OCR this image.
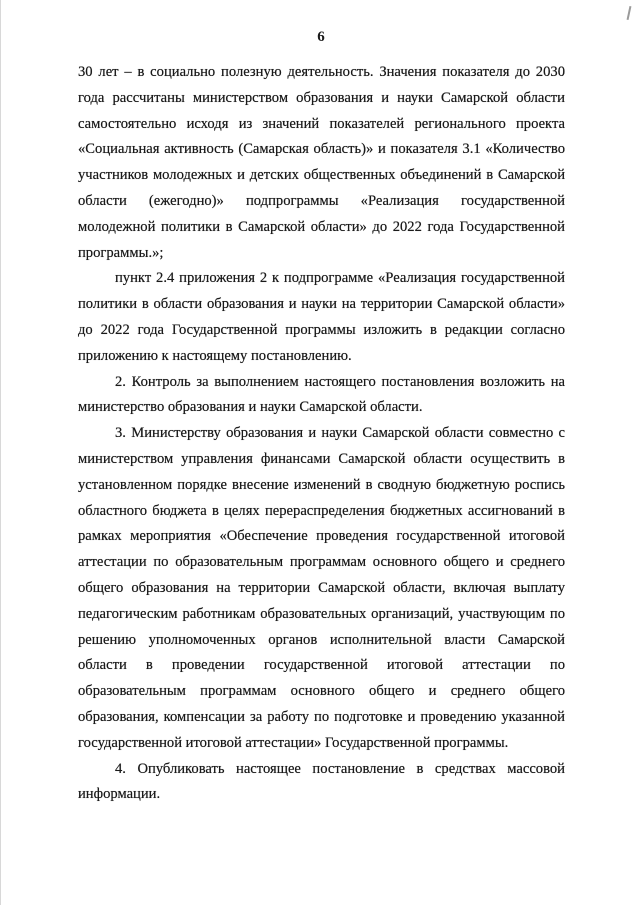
6

30 лет – в социально полезную деятельность. Значения показателя до 2030 года рассчитаны министерством образования и науки Самарской области самостоятельно исходя из значений показателей регионального проекта «Социальная активность (Самарская область)» и показателя 3.1 «Количество участников молодежных и детских общественных объединений в Самарской области (ежегодно)» подпрограммы «Реализация государственной молодежной политики в Самарской области» до 2022 года Государственной программы.»;

пункт 2.4 приложения 2 к подпрограмме «Реализация государственной политики в области образования и науки на территории Самарской области» до 2022 года Государственной программы изложить в редакции согласно приложению к настоящему постановлению.

2. Контроль за выполнением настоящего постановления возложить на министерство образования и науки Самарской области.

3. Министерству образования и науки Самарской области совместно с министерством управления финансами Самарской области осуществить в установленном порядке внесение изменений в сводную бюджетную роспись областного бюджета в целях перераспределения бюджетных ассигнований в рамках мероприятия «Обеспечение проведения государственной итоговой аттестации по образовательным программам основного общего и среднего общего образования на территории Самарской области, включая выплату педагогическим работникам образовательных организаций, участвующим по решению уполномоченных органов исполнительной власти Самарской области в проведении государственной итоговой аттестации по образовательным программам основного общего и среднего общего образования, компенсации за работу по подготовке и проведению указанной государственной итоговой аттестации» Государственной программы.

4. Опубликовать настоящее постановление в средствах массовой информации.
